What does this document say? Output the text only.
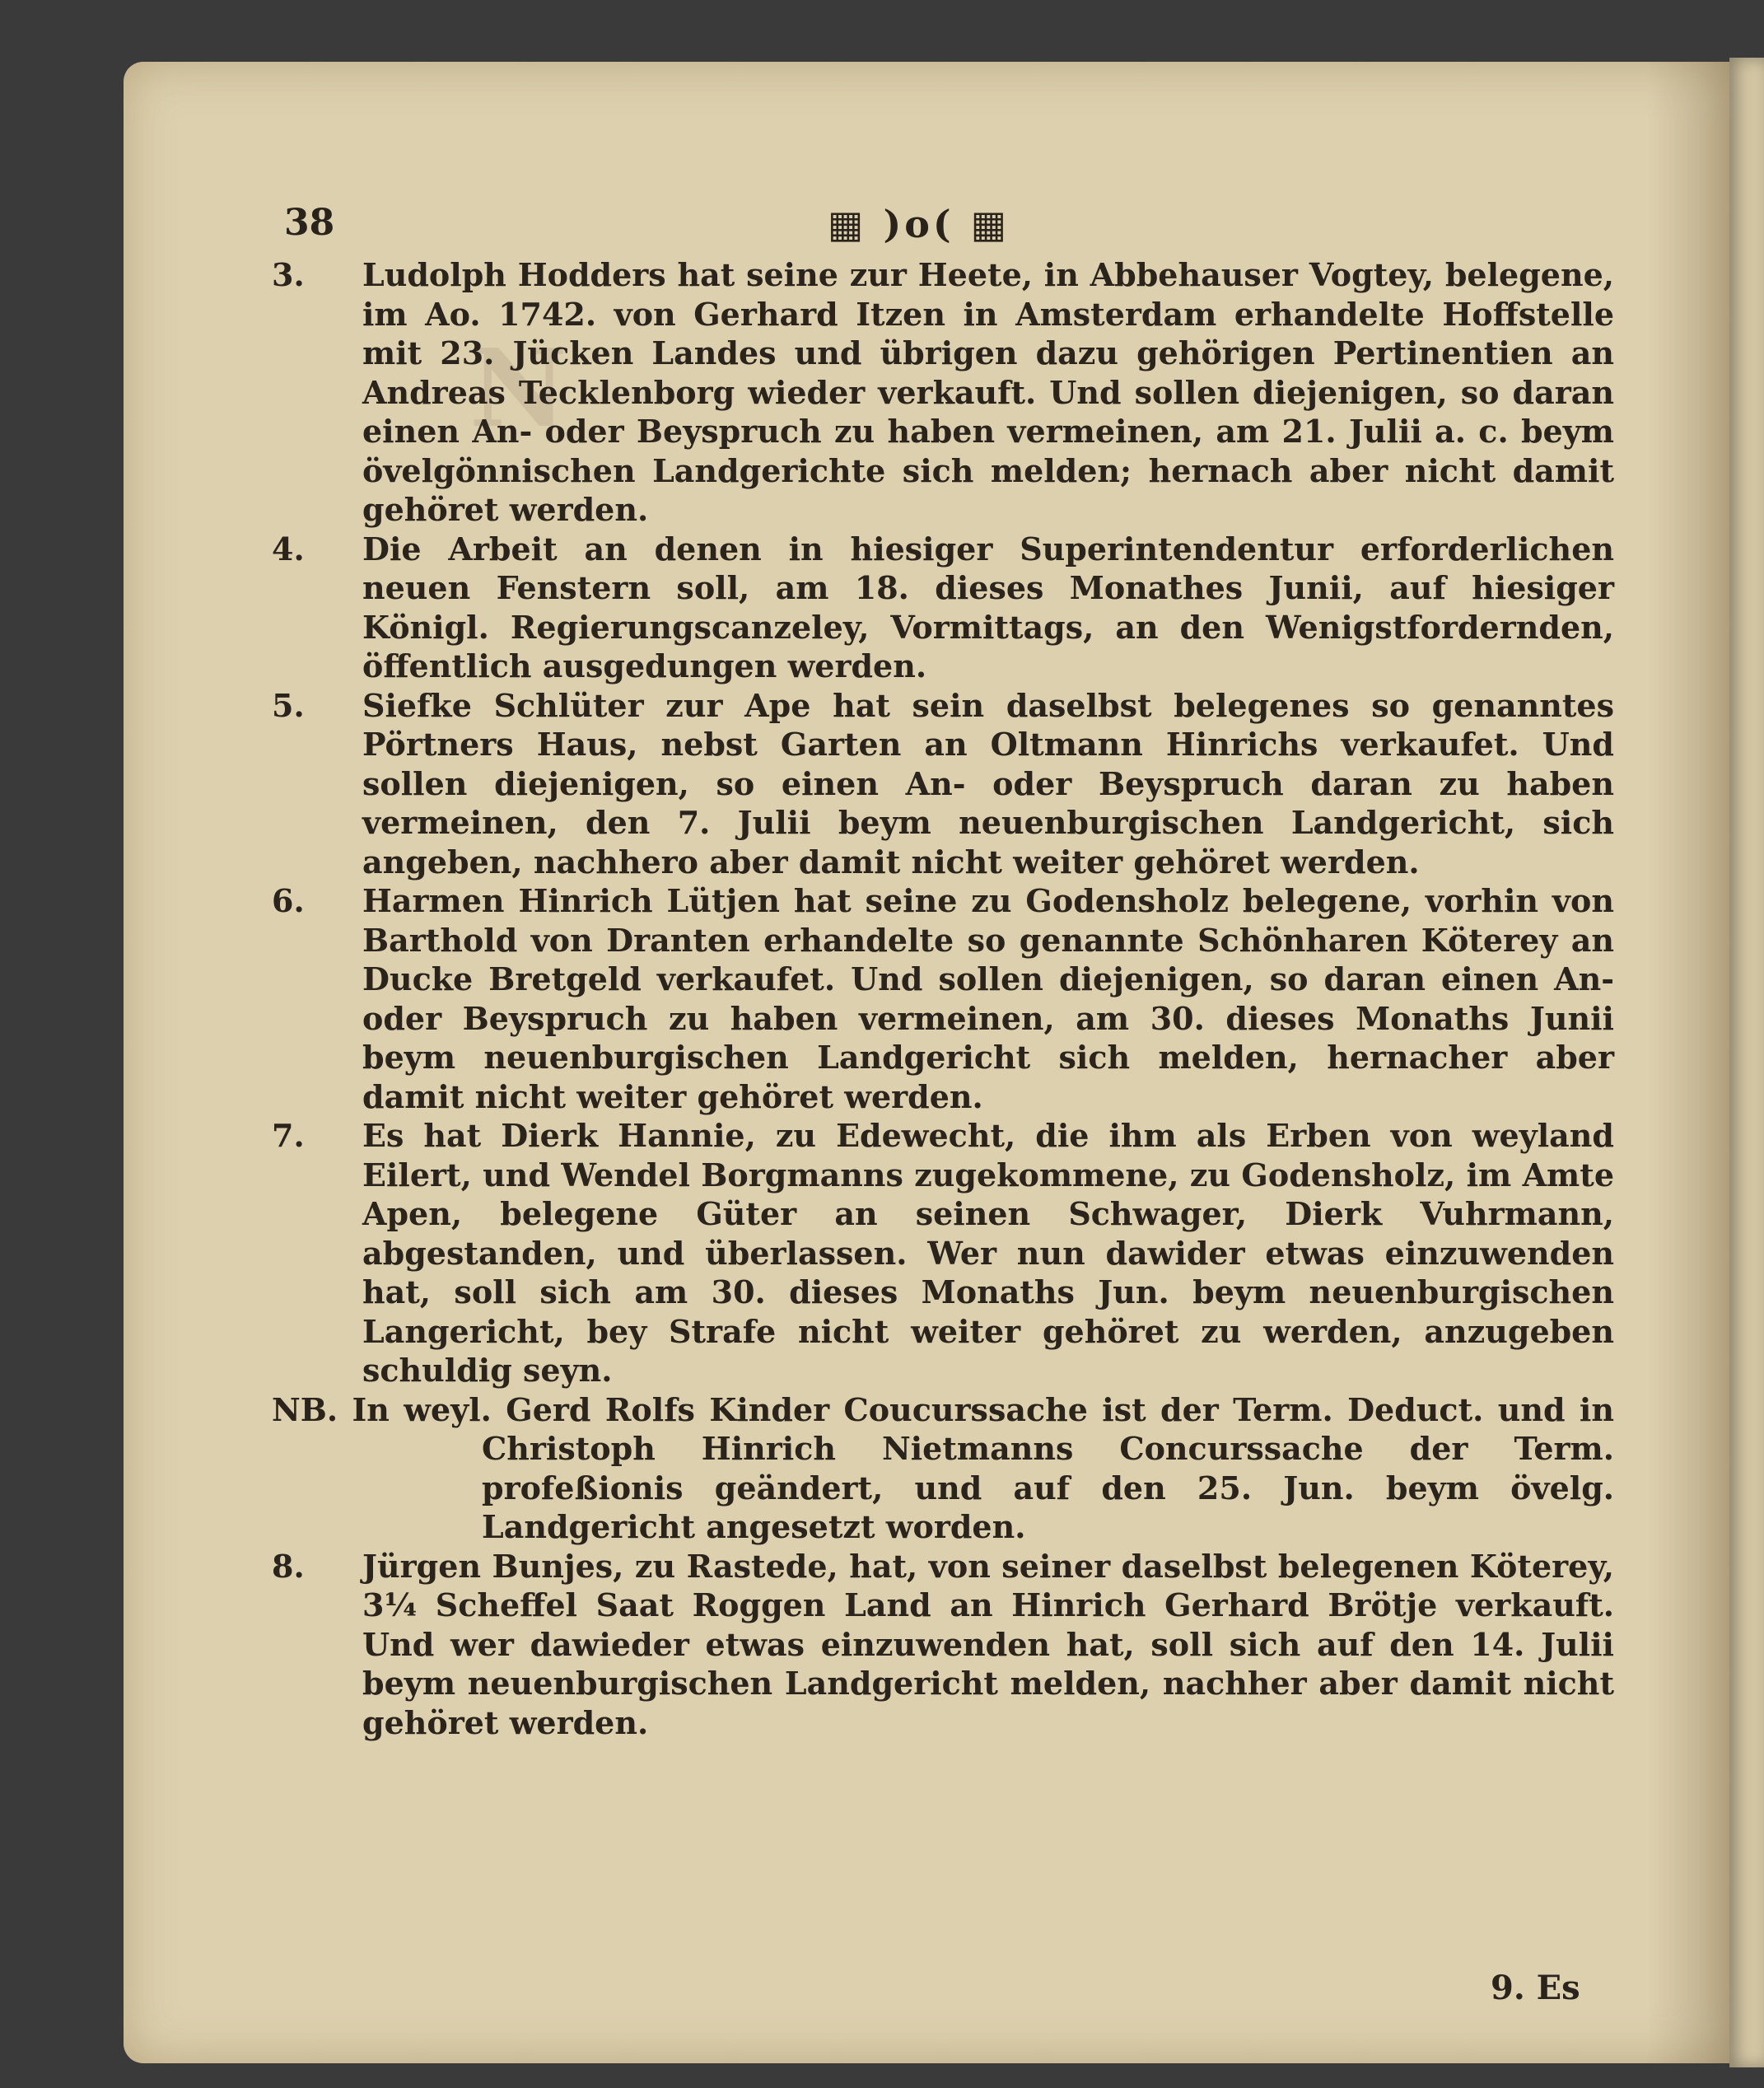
N
38	▦ )o( ▦
3. Ludolph Hodders hat seine zur Heete, in Abbehauser Vogtey, belegene, im Ao. 1742. von Gerhard Itzen in Amsterdam erhandelte Hoffstelle mit 23. Jücken Landes und übrigen dazu gehörigen Pertinentien an Andreas Tecklenborg wieder verkauft. Und sollen diejenigen, so daran einen An- oder Beyspruch zu haben vermeinen, am 21. Julii a. c. beym övelgönnischen Landgerichte sich melden; hernach aber nicht damit gehöret werden.
4. Die Arbeit an denen in hiesiger Superintendentur erforderlichen neuen Fenstern soll, am 18. dieses Monathes Junii, auf hiesiger Königl. Regierungscanzeley, Vormittags, an den Wenigstfordernden, öffentlich ausgedungen werden.
5. Siefke Schlüter zur Ape hat sein daselbst belegenes so genanntes Pörtners Haus, nebst Garten an Oltmann Hinrichs verkaufet. Und sollen diejenigen, so einen An- oder Beyspruch daran zu haben vermeinen, den 7. Julii beym neuenburgischen Landgericht, sich angeben, nachhero aber damit nicht weiter gehöret werden.
6. Harmen Hinrich Lütjen hat seine zu Godensholz belegene, vorhin von Barthold von Dranten erhandelte so genannte Schönharen Köterey an Ducke Bretgeld verkaufet. Und sollen diejenigen, so daran einen An- oder Beyspruch zu haben vermeinen, am 30. dieses Monaths Junii beym neuenburgischen Landgericht sich melden, hernacher aber damit nicht weiter gehöret werden.
7. Es hat Dierk Hannie, zu Edewecht, die ihm als Erben von weyland Eilert, und Wendel Borgmanns zugekommene, zu Godensholz, im Amte Apen, belegene Güter an seinen Schwager, Dierk Vuhrmann, abgestanden, und überlassen. Wer nun dawider etwas einzuwenden hat, soll sich am 30. dieses Monaths Jun. beym neuenburgischen Langericht, bey Strafe nicht weiter gehöret zu werden, anzugeben schuldig seyn.
NB. In weyl. Gerd Rolfs Kinder Coucurssache ist der Term. Deduct. und in Christoph Hinrich Nietmanns Concurssache der Term. profeßionis geändert, und auf den 25. Jun. beym övelg. Landgericht angesetzt worden.
8. Jürgen Bunjes, zu Rastede, hat, von seiner daselbst belegenen Köterey, 3¼ Scheffel Saat Roggen Land an Hinrich Gerhard Brötje verkauft. Und wer dawieder etwas einzuwenden hat, soll sich auf den 14. Julii beym neuenburgischen Landgericht melden, nachher aber damit nicht gehöret werden.
9. Es
